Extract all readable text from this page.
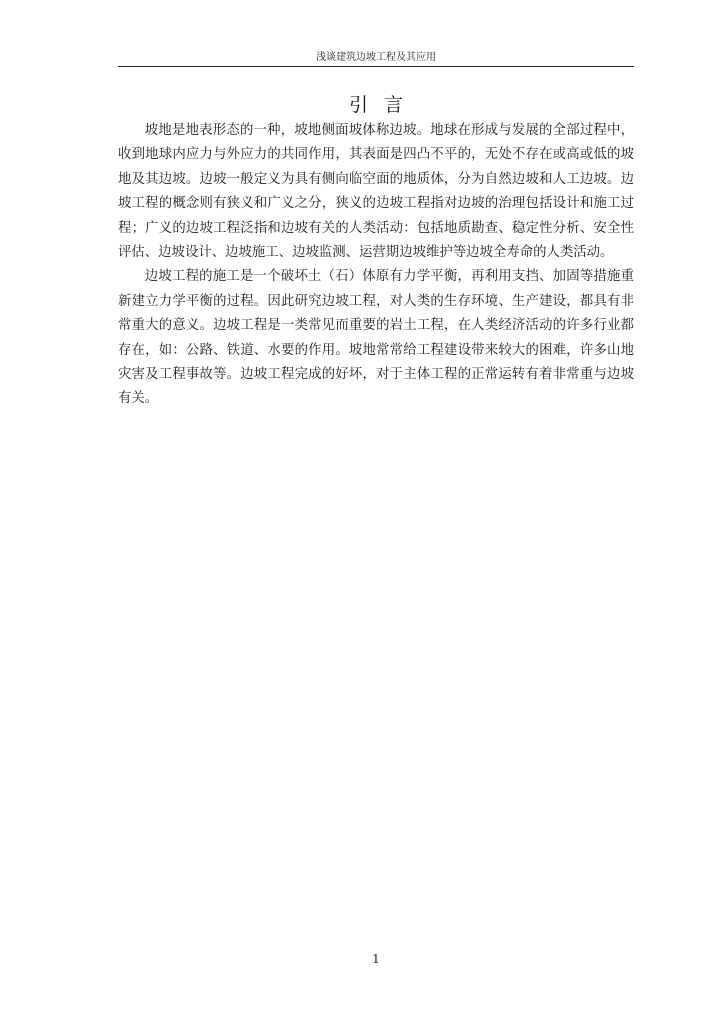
浅谈建筑边坡工程及其应用
引言

坡地是地表形态的一种，坡地侧面坡体称边坡。地球在形成与发展的全部过程中，收到地球内应力与外应力的共同作用，其表面是四凸不平的，无处不存在或高或低的坡地及其边坡。边坡一般定义为具有侧向临空面的地质体，分为自然边坡和人工边坡。边坡工程的概念则有狭义和广义之分，狭义的边坡工程指对边坡的治理包括设计和施工过程；广义的边坡工程泛指和边坡有关的人类活动：包括地质勘查、稳定性分析、安全性评估、边坡设计、边坡施工、边坡监测、运营期边坡维护等边坡全寿命的人类活动。

边坡工程的施工是一个破坏土（石）体原有力学平衡，再利用支挡、加固等措施重新建立力学平衡的过程。因此研究边坡工程，对人类的生存环境、生产建设，都具有非常重大的意义。边坡工程是一类常见而重要的岩土工程，在人类经济活动的许多行业都存在，如：公路、铁道、水要的作用。坡地常常给工程建设带来较大的困难，许多山地灾害及工程事故等。边坡工程完成的好坏，对于主体工程的正常运转有着非常重与边坡有关。

1
